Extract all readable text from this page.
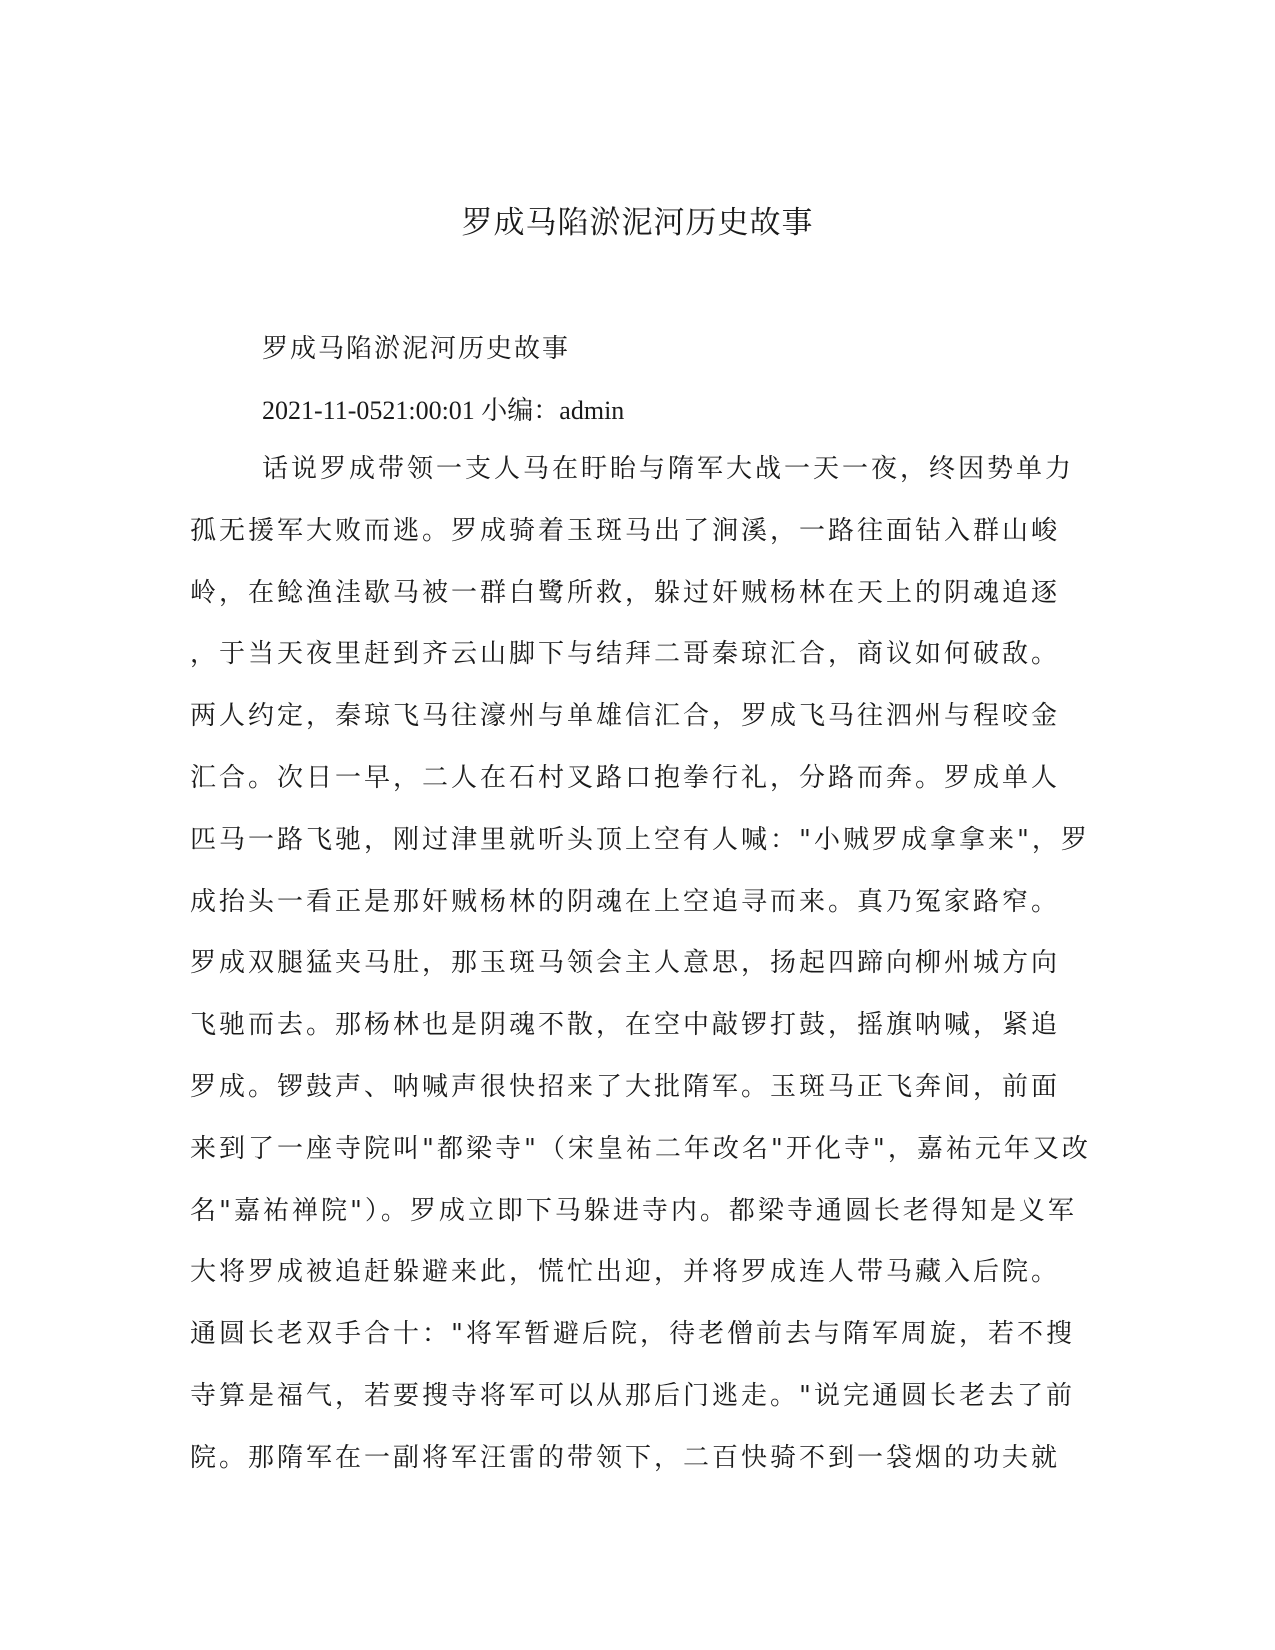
罗成马陷淤泥河历史故事
罗成马陷淤泥河历史故事
2021-11-0521:00:01 小编：admin
话说罗成带领一支人马在盱眙与隋军大战一天一夜，终因势单力
孤无援军大败而逃。罗成骑着玉斑马出了涧溪，一路往面钻入群山峻
岭，在鲶渔洼歇马被一群白鹭所救，躲过奸贼杨林在天上的阴魂追逐
，于当天夜里赶到齐云山脚下与结拜二哥秦琼汇合，商议如何破敌。
两人约定，秦琼飞马往濠州与单雄信汇合，罗成飞马往泗州与程咬金
汇合。次日一早，二人在石村叉路口抱拳行礼，分路而奔。罗成单人
匹马一路飞驰，刚过津里就听头顶上空有人喊："小贼罗成拿拿来"，罗
成抬头一看正是那奸贼杨林的阴魂在上空追寻而来。真乃冤家路窄。
罗成双腿猛夹马肚，那玉斑马领会主人意思，扬起四蹄向柳州城方向
飞驰而去。那杨林也是阴魂不散，在空中敲锣打鼓，摇旗呐喊，紧追
罗成。锣鼓声、呐喊声很快招来了大批隋军。玉斑马正飞奔间，前面
来到了一座寺院叫"都梁寺"（宋皇祐二年改名"开化寺"，嘉祐元年又改
名"嘉祐禅院"）。罗成立即下马躲进寺内。都梁寺通圆长老得知是义军
大将罗成被追赶躲避来此，慌忙出迎，并将罗成连人带马藏入后院。
通圆长老双手合十："将军暂避后院，待老僧前去与隋军周旋，若不搜
寺算是福气，若要搜寺将军可以从那后门逃走。"说完通圆长老去了前
院。那隋军在一副将军汪雷的带领下，二百快骑不到一袋烟的功夫就
